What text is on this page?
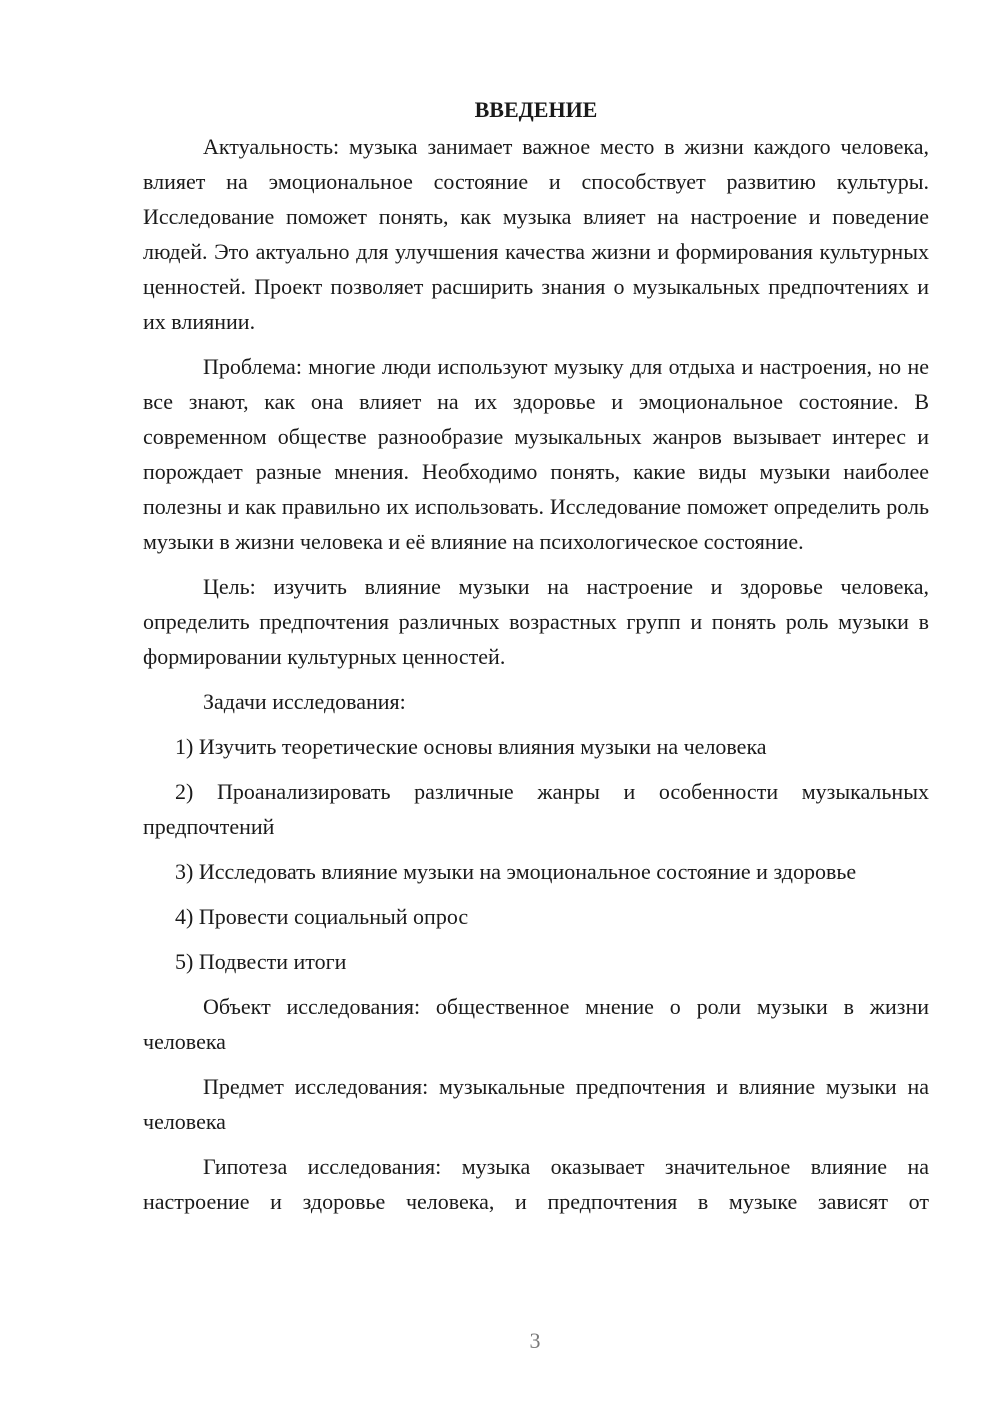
ВВЕДЕНИЕ

Актуальность: музыка занимает важное место в жизни каждого человека, влияет на эмоциональное состояние и способствует развитию культуры. Исследование поможет понять, как музыка влияет на настроение и поведение людей. Это актуально для улучшения качества жизни и формирования культурных ценностей. Проект позволяет расширить знания о музыкальных предпочтениях и их влиянии.

Проблема: многие люди используют музыку для отдыха и настроения, но не все знают, как она влияет на их здоровье и эмоциональное состояние. В современном обществе разнообразие музыкальных жанров вызывает интерес и порождает разные мнения. Необходимо понять, какие виды музыки наиболее полезны и как правильно их использовать. Исследование поможет определить роль музыки в жизни человека и её влияние на психологическое состояние.

Цель: изучить влияние музыки на настроение и здоровье человека, определить предпочтения различных возрастных групп и понять роль музыки в формировании культурных ценностей.

Задачи исследования:

1) Изучить теоретические основы влияния музыки на человека

2) Проанализировать различные жанры и особенности музыкальных предпочтений

3) Исследовать влияние музыки на эмоциональное состояние и здоровье

4) Провести социальный опрос

5) Подвести итоги

Объект исследования: общественное мнение о роли музыки в жизни человека

Предмет исследования: музыкальные предпочтения и влияние музыки на человека

Гипотеза исследования: музыка оказывает значительное влияние на настроение и здоровье человека, и предпочтения в музыке зависят от

3
